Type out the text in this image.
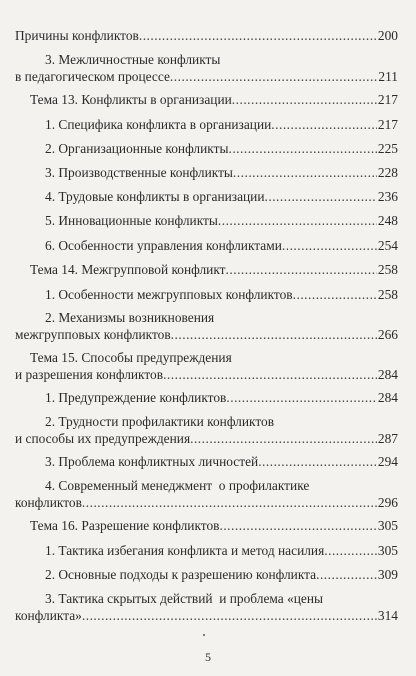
Причины конфликтов .....	200
3. Межличностные конфликты
в педагогическом процессе .....	211
Тема 13. Конфликты в организации .....	217
1. Специфика конфликта в организации .....	217
2. Организационные конфликты .....	225
3. Производственные конфликты .....	228
4. Трудовые конфликты в организации .....	236
5. Инновационные конфликты .....	248
6. Особенности управления конфликтами .....	254
Тема 14. Межгрупповой конфликт .....	258
1. Особенности межгрупповых конфликтов .....	258
2. Механизмы возникновения
межгрупповых конфликтов .....	266
Тема 15. Способы предупреждения
и разрешения конфликтов .....	284
1. Предупреждение конфликтов .....	284
2. Трудности профилактики конфликтов
и способы их предупреждения .....	287
3. Проблема конфликтных личностей .....	294
4. Современный менеджмент  о профилактике
конфликтов .....	296
Тема 16. Разрешение конфликтов .....	305
1. Тактика избегания конфликта и метод насилия .....	305
2. Основные подходы к разрешению конфликта .....	309
3. Тактика скрытых действий  и проблема «цены
конфликта» .....	314
5
